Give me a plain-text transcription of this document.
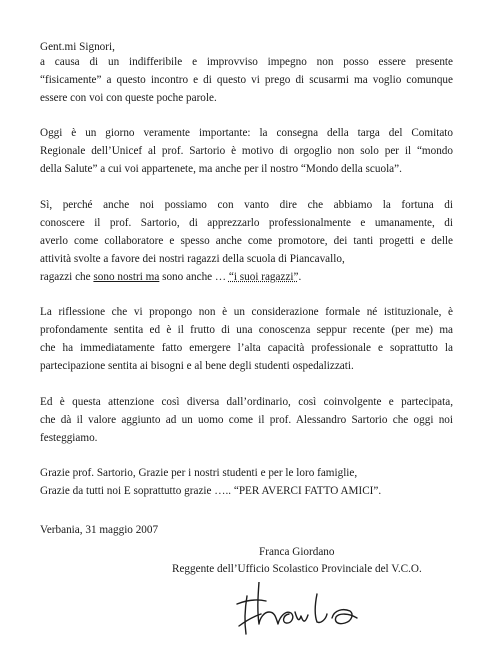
Gent.mi Signori,
a causa di un indifferibile e improvviso impegno non posso essere presente
“fisicamente” a questo incontro e di questo vi prego di scusarmi ma voglio comunque
essere con voi con queste poche parole.
Oggi è un giorno veramente importante: la consegna della targa del Comitato
Regionale dell’Unicef al prof. Sartorio è motivo di orgoglio non solo per il “mondo
della Salute” a cui voi appartenete, ma anche per il nostro “Mondo della scuola”.
Sì, perché anche noi possiamo con vanto dire che abbiamo la fortuna di
conoscere il prof. Sartorio, di apprezzarlo professionalmente e umanamente, di
averlo come collaboratore e spesso anche come promotore, dei tanti progetti e delle
attività svolte a favore dei nostri ragazzi della scuola di Piancavallo,
ragazzi che sono nostri ma sono anche … “i suoi ragazzi”.
La riflessione che vi propongo non è un considerazione formale né istituzionale, è
profondamente sentita ed è il frutto di una conoscenza seppur recente (per me) ma
che ha immediatamente fatto emergere l’alta capacità professionale e soprattutto la
partecipazione sentita ai bisogni e al bene degli studenti ospedalizzati.
Ed è questa attenzione così diversa dall’ordinario, così coinvolgente e partecipata,
che dà il valore aggiunto ad un uomo come il prof. Alessandro Sartorio che oggi noi
festeggiamo.
Grazie prof. Sartorio, Grazie per i nostri studenti e per le loro famiglie,
Grazie da tutti noi E soprattutto grazie ….. “PER AVERCI FATTO AMICI”.
Verbania, 31 maggio 2007
Franca Giordano
Reggente dell’Ufficio Scolastico Provinciale del V.C.O.
